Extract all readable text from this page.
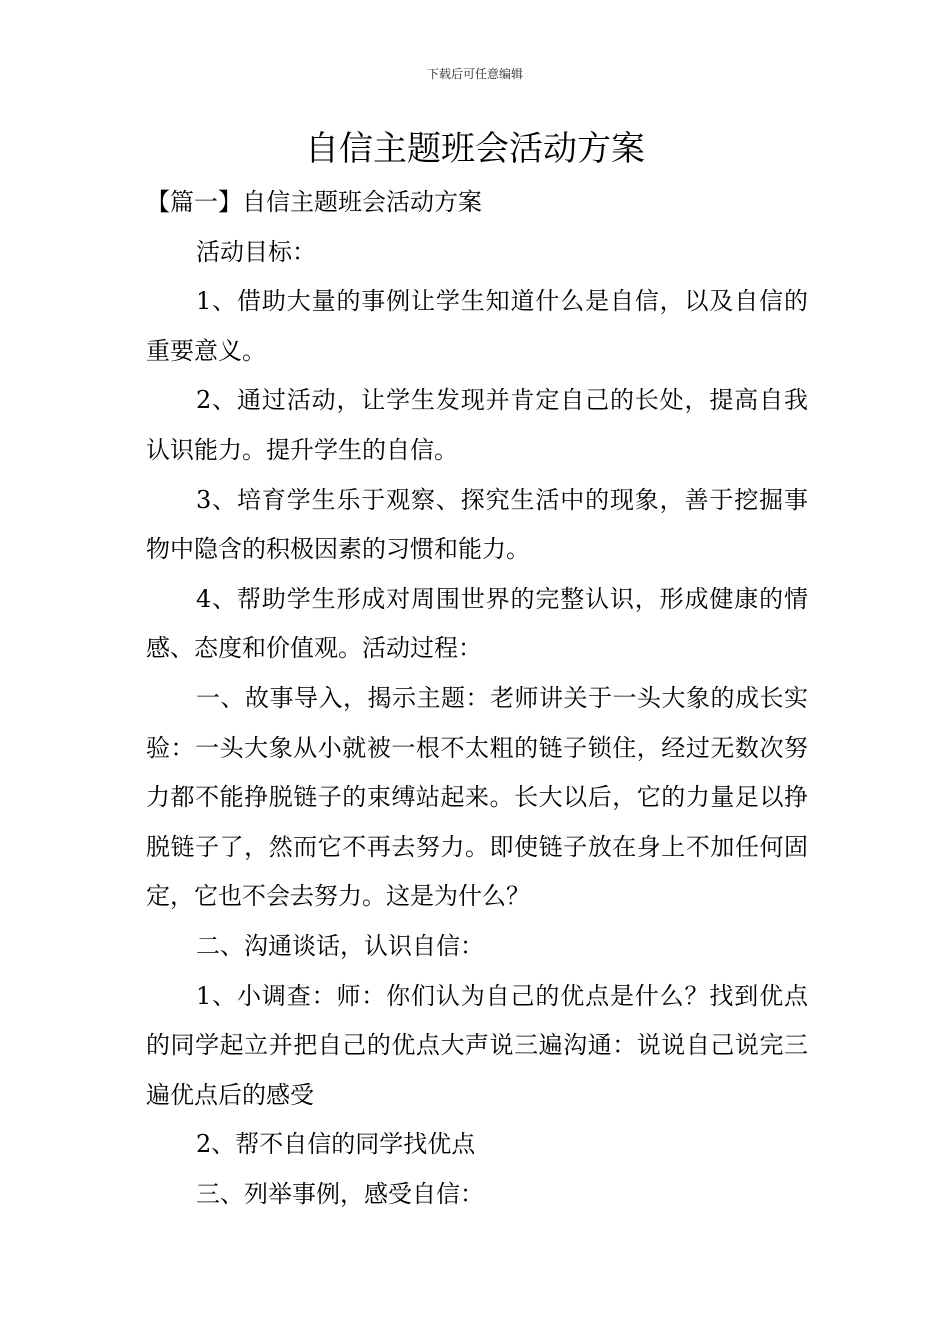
下载后可任意编辑
自信主题班会活动方案

【篇一】自信主题班会活动方案

活动目标：

1、借助大量的事例让学生知道什么是自信，以及自信的重要意义。

2、通过活动，让学生发现并肯定自己的长处，提高自我认识能力。提升学生的自信。

3、培育学生乐于观察、探究生活中的现象，善于挖掘事物中隐含的积极因素的习惯和能力。

4、帮助学生形成对周围世界的完整认识，形成健康的情感、态度和价值观。活动过程：

一、故事导入，揭示主题：老师讲关于一头大象的成长实验：一头大象从小就被一根不太粗的链子锁住，经过无数次努力都不能挣脱链子的束缚站起来。长大以后，它的力量足以挣脱链子了，然而它不再去努力。即使链子放在身上不加任何固定，它也不会去努力。这是为什么？

二、沟通谈话，认识自信：

1、小调查：师：你们认为自己的优点是什么？找到优点的同学起立并把自己的优点大声说三遍沟通：说说自己说完三遍优点后的感受

2、帮不自信的同学找优点

三、列举事例，感受自信：
